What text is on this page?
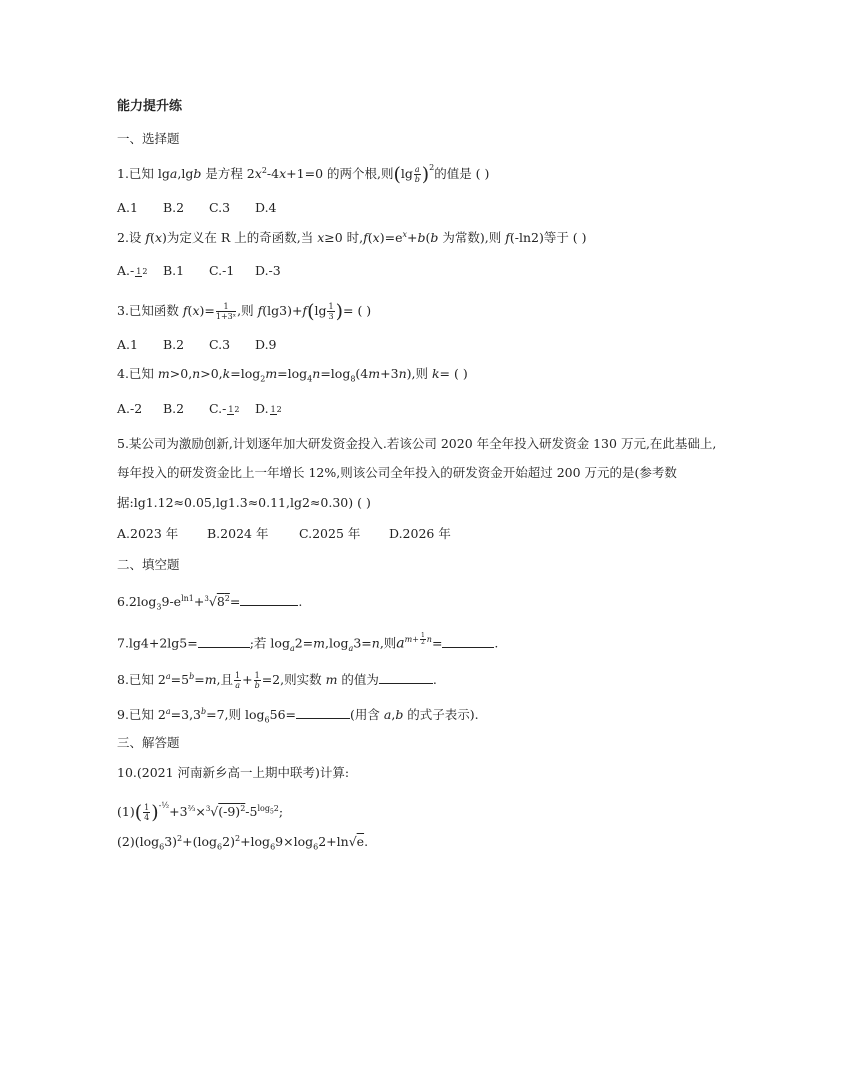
能力提升练
一、选择题
1.已知 lga,lgb 是方程 $2x^2-4x+1=0$ 的两个根,则$(\lg \frac{a}{b} )^2$的值是 ( )
A.1 B.2 C.3 D.4
2.设 f(x)为定义在 R 上的奇函数,当 x≥0 时$,f(x)=e^x+b(b$ 为常数),则 f(-ln2)等于 ( )
A.- 12 B.1 C.-1 D.-3
3.已知函数 $f(x)= \frac{1}{\text{1+3ˣ}}$ ,则 $f(\lg 3)+f(\lg \frac{1}{3}$ )= ( )
A.1 B.2 C.3 D.9
4.已知 $m>0,n>0,k=\log_2m=\log_4n=\log_8(4m+3n)$,则 k= ( )
A.-2 B.2 C.- 12 D. 12
5.某公司为激励创新,计划逐年加大研发资金投入.若该公司 2020 年全年投入研发资金 130 万元,在此基础上,
每年投入的研发资金比上一年增长 12%,则该公司全年投入的研发资金开始超过 200 万元的是(参考数
据:lg1.12≈0.05,lg1.3≈0.11,lg2≈0.30) ( )
A.2023 年 B.2024 年 C.2025 年 D.2026 年
二、填空题
$6.2\log_39-e^{ln1}+^3√8^2=$	.
7.lg4+2lg5=	;若 $\log_a2=m,\log_a3=n$,则$a^{m+ \frac{1}{2} n}=$	.
8.已知 $2^a=5^b=m$,且 $\frac{1}{a} + \frac{1}{b} =2$,则实数 m 的值为	.
9.已知 $2^a=3,3^b=7$,则 $\log_656=$	(用含 a,b 的式子表示).
三、解答题
10.(2021 河南新乡高一上期中联考)计算:
$(1)( \frac{1}{4} )^{-\frac{1}{2}}+3^{\frac{2}{3}}\times^3√(-9)^2-5^{log_52}$;
$(2)(\log_63)^2+(\log_62)^2+\log_69\times\log_62+\ln√e$.
